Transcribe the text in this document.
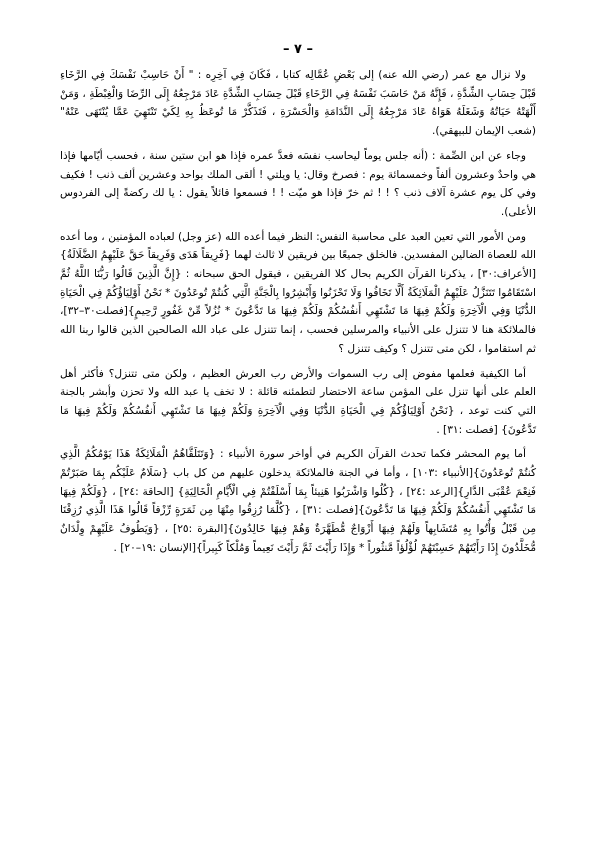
– ٧ –

ولا نزال مع عمر (رضي الله عنه) إلى بَعْضِ عُمَّالِه كتابا ، فَكَانَ فِي آخِرِه : " أَنْ حَاسِبْ نَفْسَكَ فِي الرَّخَاءِ قَبْلَ حِسَابِ الشِّدَّةِ ، فَإِنَّهُ مَنْ حَاسَبَ نَفْسَهُ فِي الرَّخَاءِ قَبْلَ حِسَابِ الشِّدَّةِ عَادَ مَرْجِعُهُ إِلَى الرِّضَا وَالْغِبْطَةِ ، وَمَنْ أَلْهَتْهُ حَيَاتُهُ وَشَغَلَهُ هَوَاهُ عَادَ مَرْجِعُهُ إِلَى النَّدَامَةِ وَالْحَسْرَةِ ، فَتَذَكَّرْ مَا تُوعَظُ بِهِ لِكَيْ تَنْتَهِيَ عَمَّا يُنْتَهَى عَنْهُ" (شعب الإيمان للبيهقي).

وجاء عن ابن الصِّمة : (أنه جلس يوماً ليحاسب نفسَه فعدَّ عمره فإذا هو ابن ستين سنة ، فحسب أيّامها فإذا هي واحدٌ وعشرون ألفاً وخمسمائة يوم : فصرخ وقال: يا ويلتي ! ألقى الملك بواحد وعشرين ألف ذنب ! فكيف وفي كل يوم عشرة آلاف ذنب ؟ ! ! ثم خرّ فإذا هو ميّت ! ! فسمعوا قائلاً يقول : يا لك ركضةً إلى الفردوس الأعلى).

ومن الأمور التي تعين العبد على محاسبة النفس: النظر فيما أعده الله (عز وجل) لعباده المؤمنين ، وما أعده الله للعصاة الضالين المفسدين. فالخلق جميعًا بين فريقين لا ثالث لهما {فَرِيقاً هَدَى وَفَرِيقاً حَقَّ عَلَيْهِمُ الضَّلَالَةُ}[الأعراف:٣٠] ، يذكرنا القرآن الكريم بحال كلا الفريقين ، فيقول الحق سبحانه : {إِنَّ الَّذِينَ قَالُوا رَبُّنَا اللَّهُ ثُمَّ اسْتَقَامُوا تَتَنَزَّلُ عَلَيْهِمُ الْمَلَائِكَةُ أَلَّا تَخَافُوا وَلَا تَحْزَنُوا وَأَبْشِرُوا بِالْجَنَّةِ الَّتِي كُنتُمْ تُوعَدُونَ * نَحْنُ أَوْلِيَاؤُكُمْ فِي الْحَيَاةِ الدُّنْيَا وَفِي الْآخِرَةِ وَلَكُمْ فِيهَا مَا تَشْتَهِي أَنفُسُكُمْ وَلَكُمْ فِيهَا مَا تَدَّعُونَ * نُزُلاً مِّنْ غَفُورٍ رَّحِيمٍ}[فصلت٣٠–٣٢]، فالملائكة هنا لا تتنزل على الأنبياء والمرسلين فحسب ، إنما تتنزل على عباد الله الصالحين الذين قالوا ربنا الله ثم استقاموا ، لكن متى تتنزل ؟ وكيف تتنزل ؟

أما الكيفية فعلمها مفوض إلى رب السموات والأرض رب العرش العظيم ، ولكن متى تتنزل؟ فأكثر أهل العلم على أنها تنزل على المؤمن ساعة الاحتضار لتطمئنه قائلة : لا تخف يا عبد الله ولا تحزن وأبشر بالجنة التي كنت توعد ، {نَحْنُ أَوْلِيَاؤُكُمْ فِي الْحَيَاةِ الدُّنْيَا وَفِي الْآخِرَةِ وَلَكُمْ فِيهَا مَا تَشْتَهِي أَنفُسُكُمْ وَلَكُمْ فِيهَا مَا تَدَّعُونَ} [فصلت :٣١] .

أما يوم المحشر فكما تحدث القرآن الكريم في أواخر سورة الأنبياء : {وَتَتَلَقَّاهُمُ الْمَلَائِكَةُ هَذَا يَوْمُكُمُ الَّذِي كُنتُمْ تُوعَدُونَ}[الأنبياء :١٠٣] ، وأما في الجنة فالملائكة يدخلون عليهم من كل باب {سَلَامٌ عَلَيْكُم بِمَا صَبَرْتُمْ فَنِعْمَ عُقْبَى الدَّارِ}[الرعد :٢٤] ، {كُلُوا وَاشْرَبُوا هَنِيئاً بِمَا أَسْلَفْتُمْ فِي الْأَيَّامِ الْخَالِيَةِ} [الحاقة :٢٤] ، {وَلَكُمْ فِيهَا مَا تَشْتَهِي أَنفُسُكُمْ وَلَكُمْ فِيهَا مَا تَدَّعُونَ}[فصلت :٣١] ، {كُلَّمَا رُزِقُوا مِنْهَا مِن ثَمَرَةٍ رِّزْقاً قَالُوا هَذَا الَّذِي رُزِقْنَا مِن قَبْلُ وَأُتُوا بِهِ مُتَشَابِهاً وَلَهُمْ فِيهَا أَزْوَاجٌ مُّطَهَّرَةٌ وَهُمْ فِيهَا خَالِدُونَ}[البقرة :٢٥] ، {وَيَطُوفُ عَلَيْهِمْ وِلْدَانٌ مُّخَلَّدُونَ إِذَا رَأَيْتَهُمْ حَسِبْتَهُمْ لُؤْلُؤاً مَّنثُوراً * وَإِذَا رَأَيْتَ ثَمَّ رَأَيْتَ نَعِيماً وَمُلْكاً كَبِيراً}[الإنسان :١٩–٢٠] .
